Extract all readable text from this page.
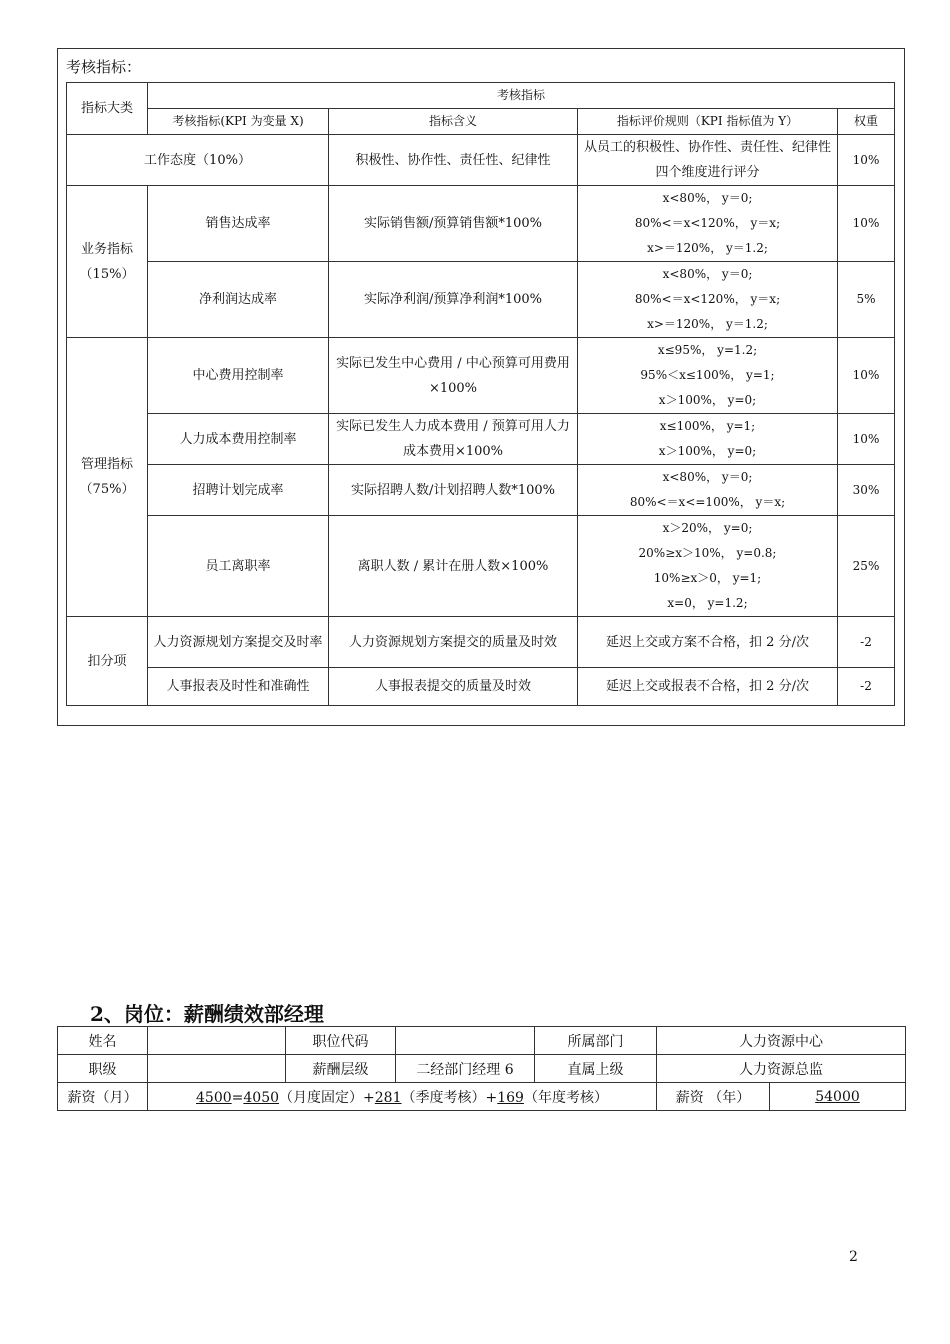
考核指标：
指标大类	考核指标			
	考核指标(KPI 为变量 X)	指标含义	指标评价规则（KPI 指标值为 Y）	权重
工作态度（10%）		积极性、协作性、责任性、纪律性	从员工的积极性、协作性、责任性、纪律性四个维度进行评分	10%
业务指标
（15%）	销售达成率	实际销售额/预算销售额*100%	x<80%， y＝0;
80%<＝x<120%， y＝x;
x>＝120%， y＝1.2;	10%
	净利润达成率	实际净利润/预算净利润*100%	x<80%， y＝0;
80%<＝x<120%， y＝x;
x>＝120%， y＝1.2;	5%
管理指标
（75%）	中心费用控制率	实际已发生中心费用 / 中心预算可用费用×100%	x≤95%， y=1.2;
95%＜x≤100%， y=1;
x＞100%， y=0;	10%
	人力成本费用控制率	实际已发生人力成本费用 / 预算可用人力成本费用×100%	x≤100%， y=1;
x＞100%， y=0;	10%
	招聘计划完成率	实际招聘人数/计划招聘人数*100%	x<80%， y＝0;
80%<＝x<=100%， y＝x;	30%
	员工离职率	离职人数 / 累计在册人数×100%	x＞20%， y=0;
20%≥x＞10%， y=0.8;
10%≥x＞0， y=1;
x=0， y=1.2;	25%
扣分项	人力资源规划方案提交及时率	人力资源规划方案提交的质量及时效	延迟上交或方案不合格，扣 2 分/次	-2
	人事报表及时性和准确性	人事报表提交的质量及时效	延迟上交或报表不合格，扣 2 分/次	-2
2、岗位：薪酬绩效部经理
姓名		职位代码		所属部门	人力资源中心	
职级		薪酬层级	二经部门经理 6	直属上级	人力资源总监	
薪资（月）	4500=4050（月度固定）+281（季度考核）+169（年度考核）				薪资 （年）	54000
2
